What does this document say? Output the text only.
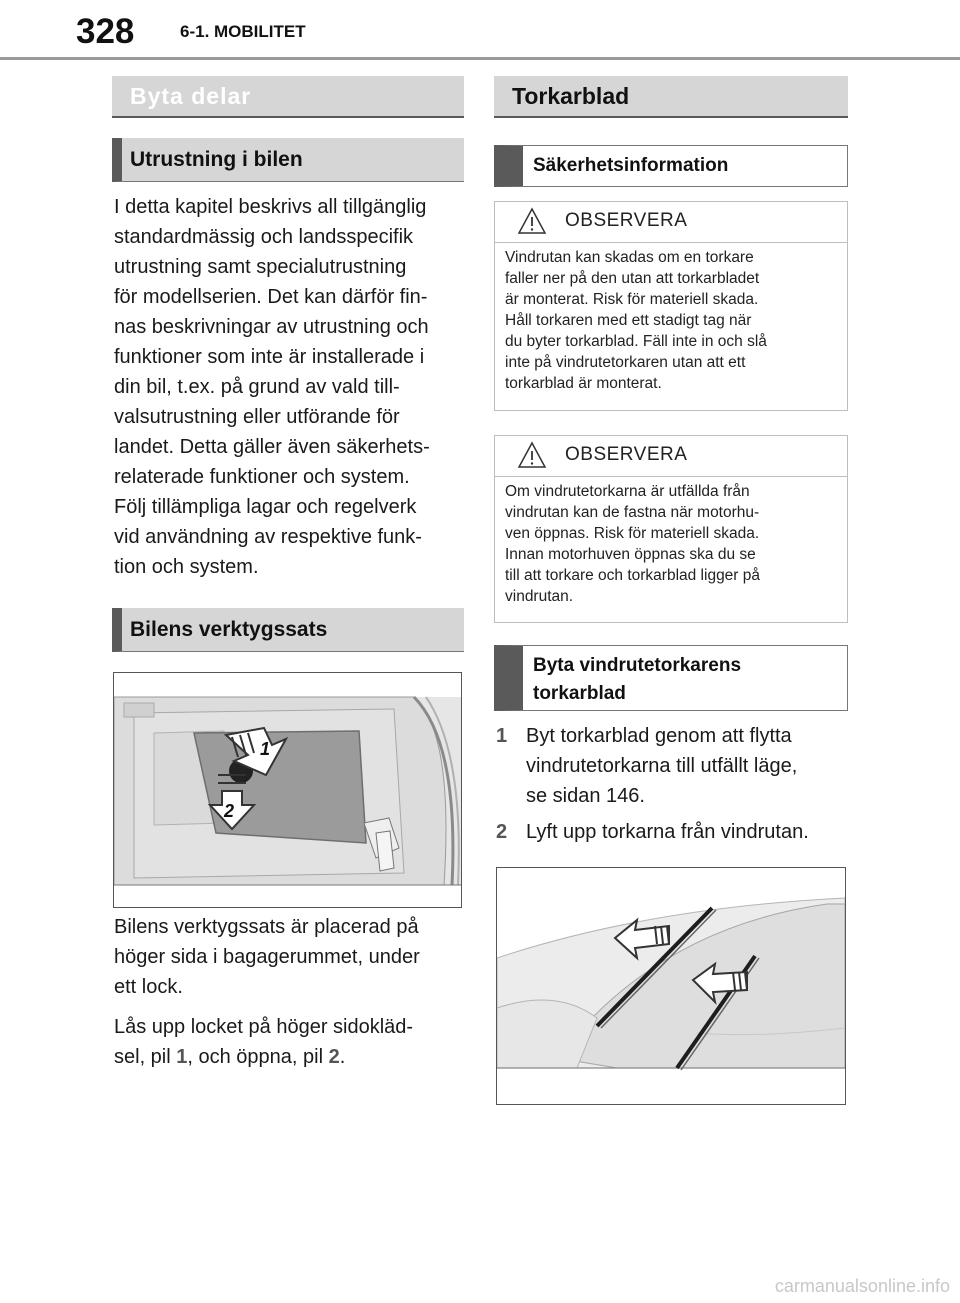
328	6-1. MOBILITET
Byta delar
Utrustning i bilen
I detta kapitel beskrivs all tillgänglig
standardmässig och landsspecifik
utrustning samt specialutrustning
för modellserien. Det kan därför fin-
nas beskrivningar av utrustning och
funktioner som inte är installerade i
din bil, t.ex. på grund av vald till-
valsutrustning eller utförande för
landet. Detta gäller även säkerhets-
relaterade funktioner och system.
Följ tillämpliga lagar och regelverk
vid användning av respektive funk-
tion och system.
Bilens verktygssats
1
2
Bilens verktygssats är placerad på
höger sida i bagagerummet, under
ett lock.
Lås upp locket på höger sidokläd-
sel, pil 1, och öppna, pil 2.
Torkarblad
Säkerhetsinformation
OBSERVERA
Vindrutan kan skadas om en torkare
faller ner på den utan att torkarbladet
är monterat. Risk för materiell skada.
Håll torkaren med ett stadigt tag när
du byter torkarblad. Fäll inte in och slå
inte på vindrutetorkaren utan att ett
torkarblad är monterat.
OBSERVERA
Om vindrutetorkarna är utfällda från
vindrutan kan de fastna när motorhu-
ven öppnas. Risk för materiell skada.
Innan motorhuven öppnas ska du se
till att torkare och torkarblad ligger på
vindrutan.
Byta vindrutetorkarens
torkarblad
1 Byt torkarblad genom att flytta
vindrutetorkarna till utfällt läge,
se sidan 146.
2 Lyft upp torkarna från vindrutan.
carmanualsonline.info
